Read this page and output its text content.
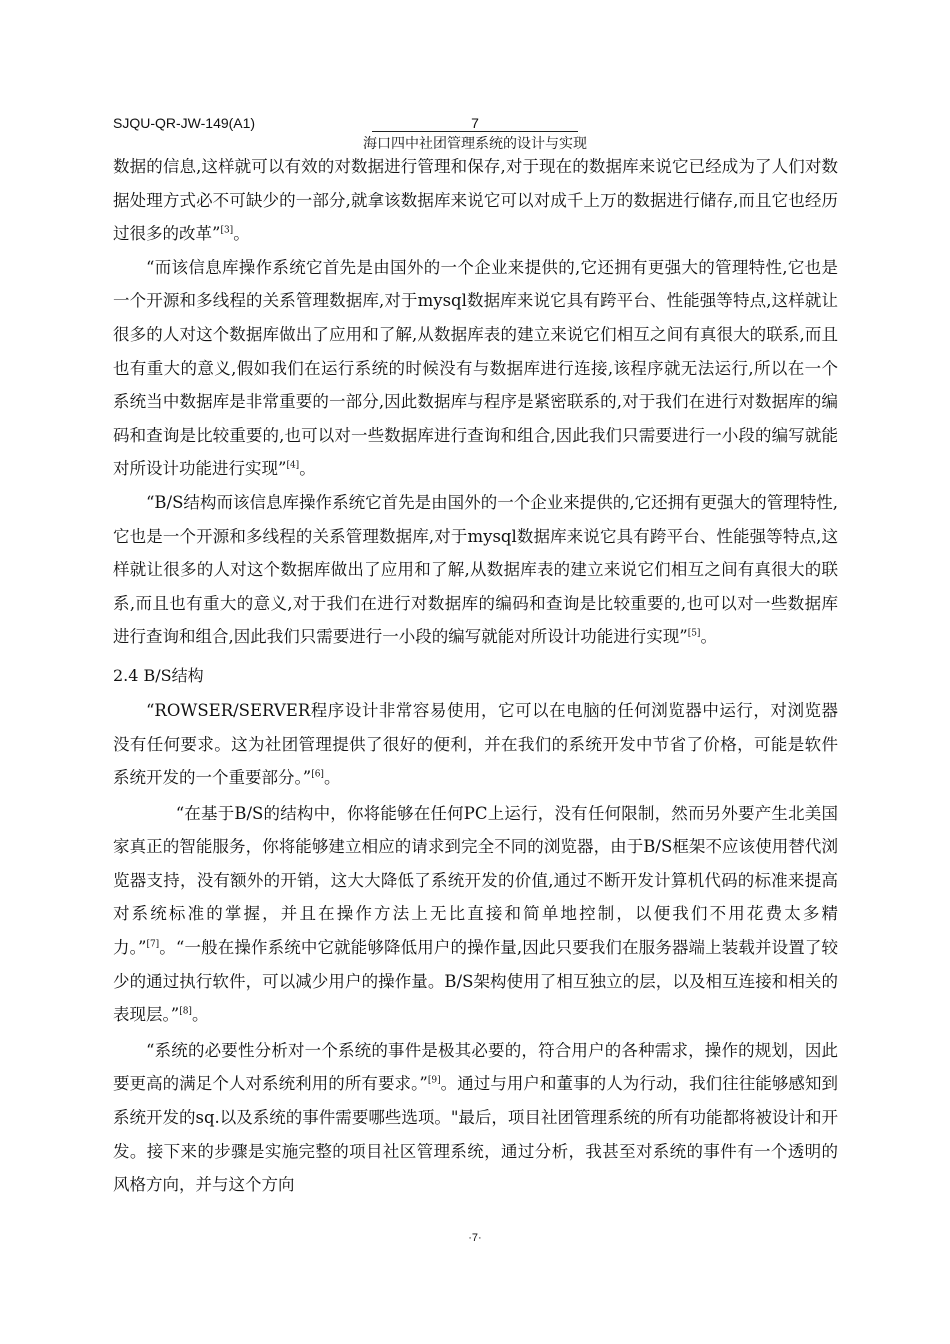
SJQU-QR-JW-149(A1)	7
海口四中社团管理系统的设计与实现

数据的信息,这样就可以有效的对数据进行管理和保存,对于现在的数据库来说它已经成为了人们对数据处理方式必不可缺少的一部分,就拿该数据库来说它可以对成千上万的数据进行储存,而且它也经历过很多的改革”[3]。

“而该信息库操作系统它首先是由国外的一个企业来提供的,它还拥有更强大的管理特性,它也是一个开源和多线程的关系管理数据库,对于mysql数据库来说它具有跨平台、性能强等特点,这样就让很多的人对这个数据库做出了应用和了解,从数据库表的建立来说它们相互之间有真很大的联系,而且也有重大的意义,假如我们在运行系统的时候没有与数据库进行连接,该程序就无法运行,所以在一个系统当中数据库是非常重要的一部分,因此数据库与程序是紧密联系的,对于我们在进行对数据库的编码和查询是比较重要的,也可以对一些数据库进行查询和组合,因此我们只需要进行一小段的编写就能对所设计功能进行实现”[4]。

“B/S结构而该信息库操作系统它首先是由国外的一个企业来提供的,它还拥有更强大的管理特性,它也是一个开源和多线程的关系管理数据库,对于mysql数据库来说它具有跨平台、性能强等特点,这样就让很多的人对这个数据库做出了应用和了解,从数据库表的建立来说它们相互之间有真很大的联系,而且也有重大的意义,对于我们在进行对数据库的编码和查询是比较重要的,也可以对一些数据库进行查询和组合,因此我们只需要进行一小段的编写就能对所设计功能进行实现”[5]。

2.4 B/S结构

“ROWSER/SERVER程序设计非常容易使用，它可以在电脑的任何浏览器中运行，对浏览器没有任何要求。这为社团管理提供了很好的便利，并在我们的系统开发中节省了价格，可能是软件系统开发的一个重要部分。”[6]。

“在基于B/S的结构中，你将能够在任何PC上运行，没有任何限制，然而另外要产生北美国家真正的智能服务，你将能够建立相应的请求到完全不同的浏览器，由于B/S框架不应该使用替代浏览器支持，没有额外的开销，这大大降低了系统开发的价值,通过不断开发计算机代码的标准来提高对系统标准的掌握，并且在操作方法上无比直接和简单地控制，以便我们不用花费太多精力。”[7]。“一般在操作系统中它就能够降低用户的操作量,因此只要我们在服务器端上装载并设置了较少的通过执行软件，可以减少用户的操作量。B/S架构使用了相互独立的层，以及相互连接和相关的表现层。”[8]。

“系统的必要性分析对一个系统的事件是极其必要的，符合用户的各种需求，操作的规划，因此要更高的满足个人对系统利用的所有要求。”[9]。通过与用户和董事的人为行动，我们往往能够感知到系统开发的sq.以及系统的事件需要哪些选项。"最后，项目社团管理系统的所有功能都将被设计和开发。接下来的步骤是实施完整的项目社区管理系统，通过分析，我甚至对系统的事件有一个透明的风格方向，并与这个方向

·7·
